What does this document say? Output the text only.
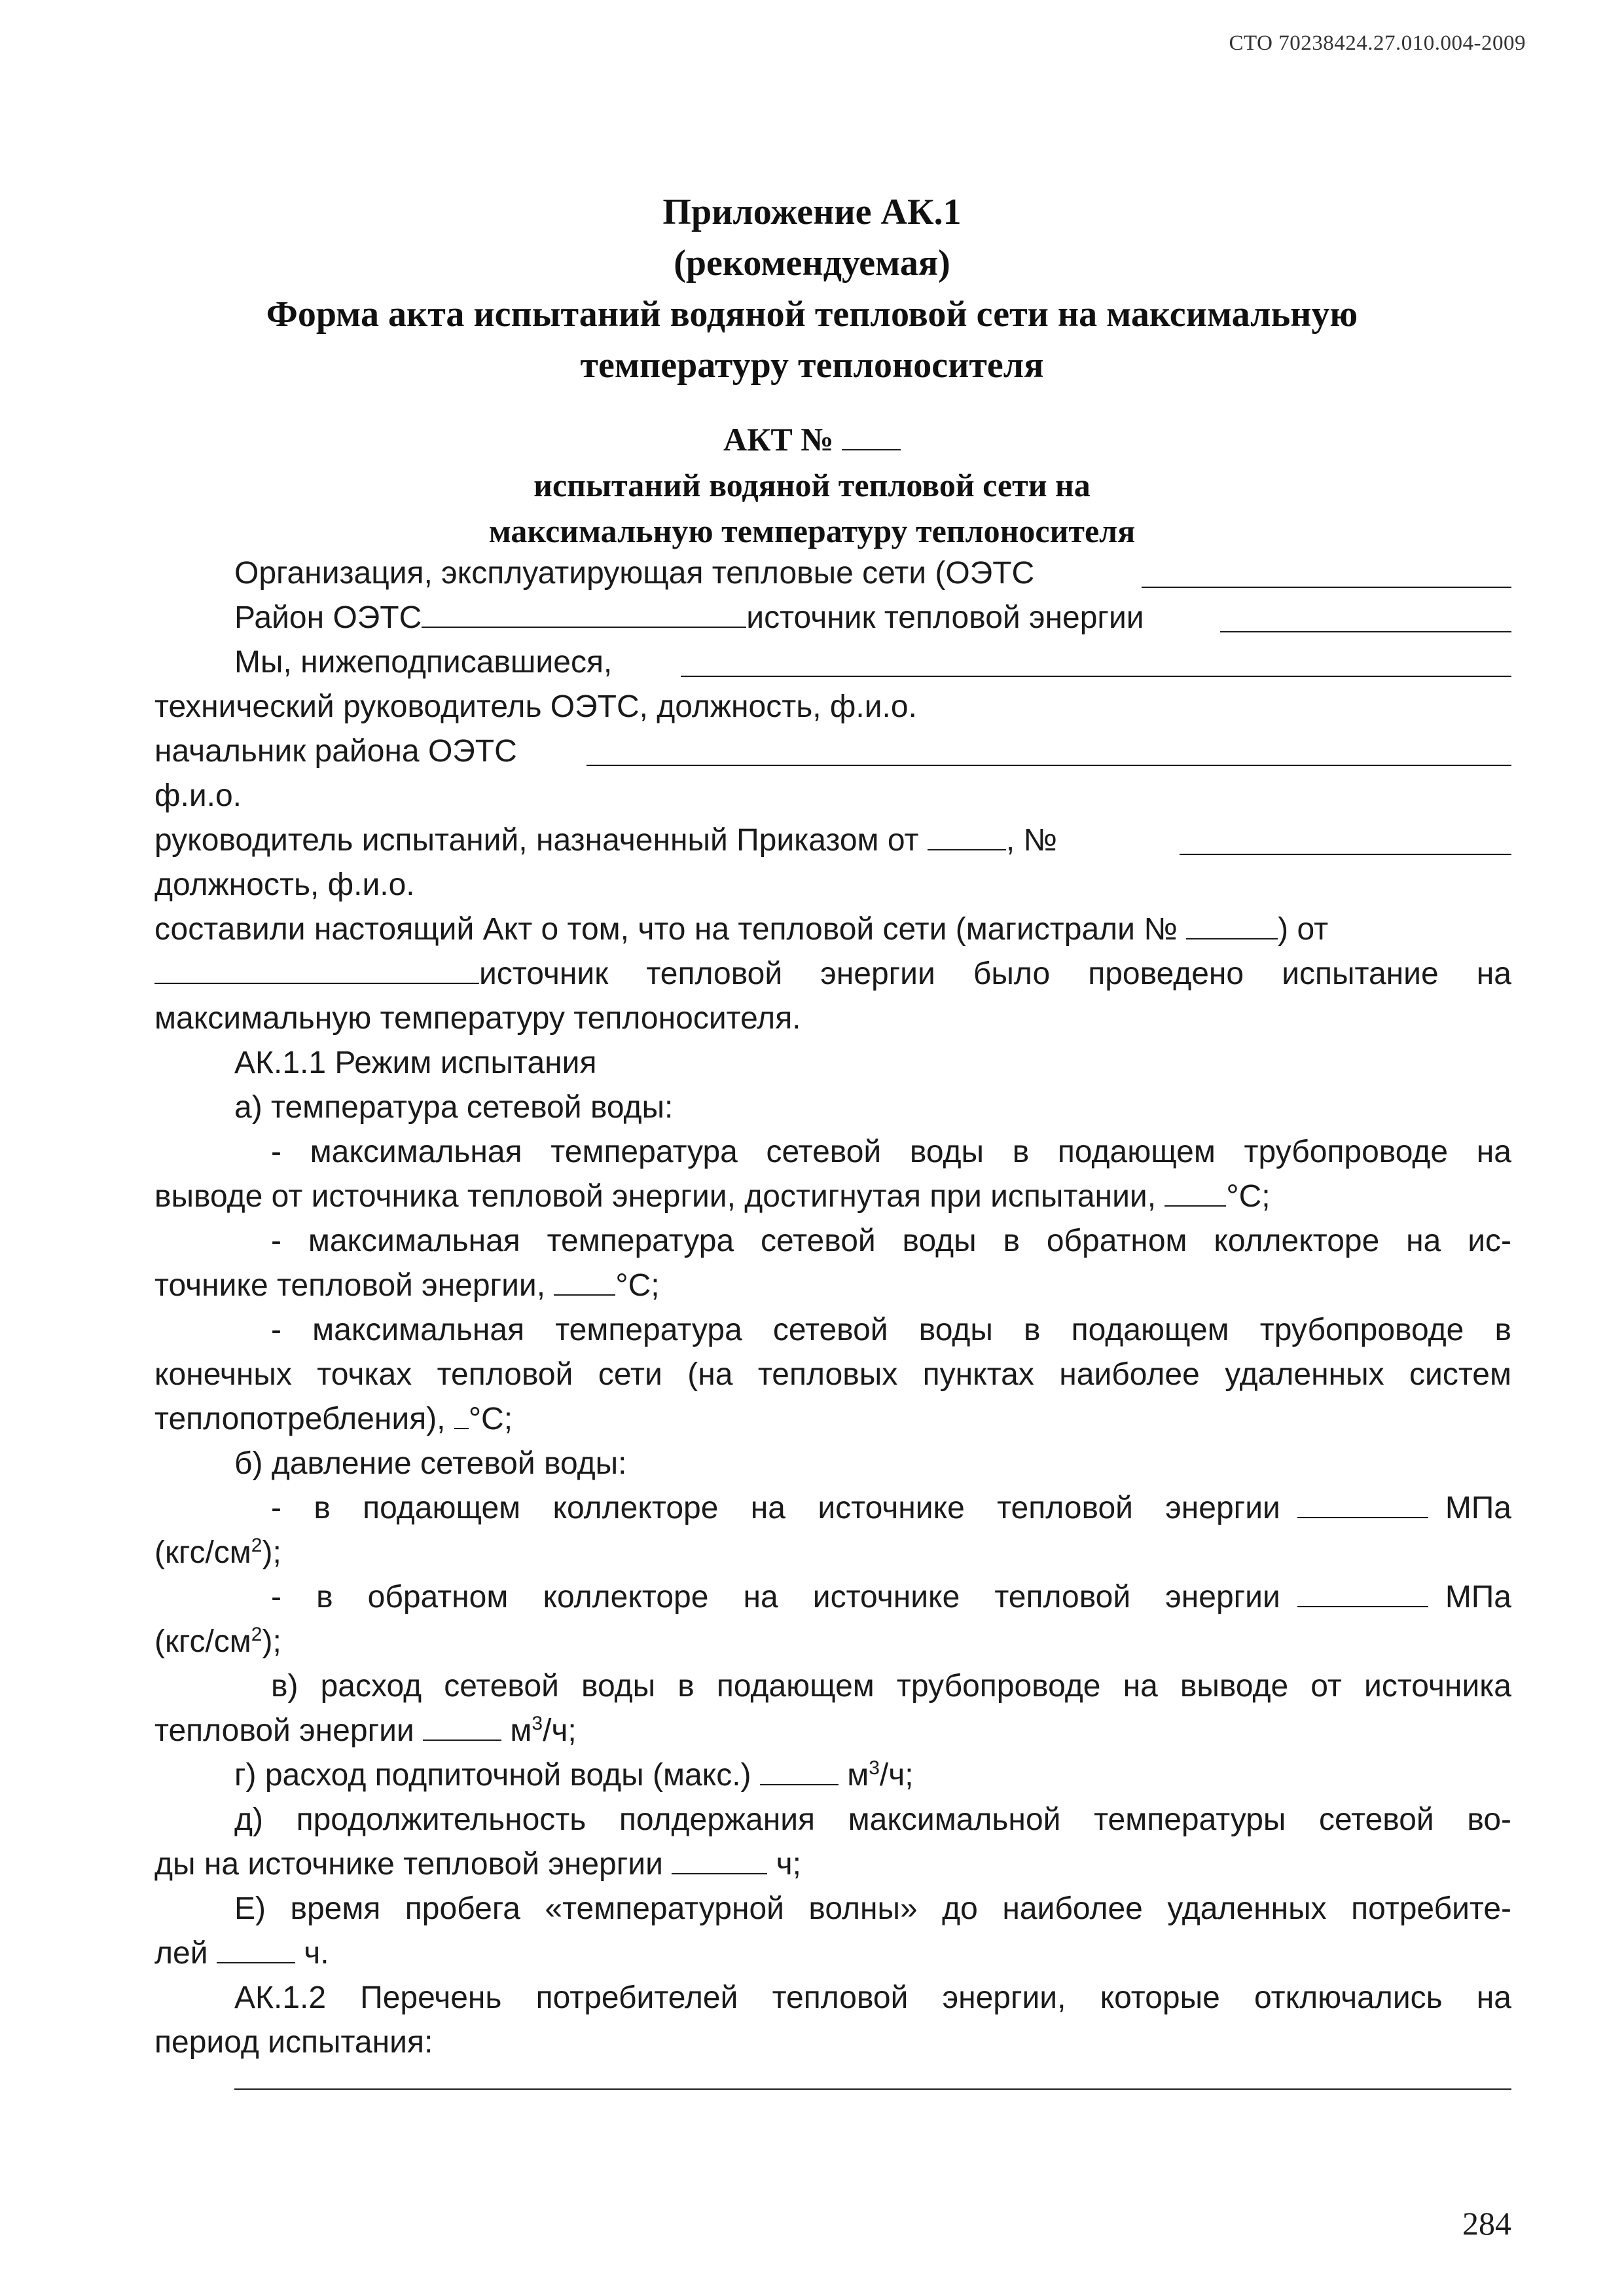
СТО 70238424.27.010.004-2009
Приложение АК.1
(рекомендуемая)
Форма акта испытаний водяной тепловой сети на максимальную
температуру теплоносителя
АКТ №
испытаний водяной тепловой сети на
максимальную температуру теплоносителя
Организация, эксплуатирующая тепловые сети (ОЭТС
Район ОЭТС	источник тепловой энергии
Мы, нижеподписавшиеся,
технический руководитель ОЭТС, должность, ф.и.о.
начальник района ОЭТС
ф.и.о.
руководитель испытаний, назначенный Приказом от	, №
должность, ф.и.о.
составили настоящий Акт о том, что на тепловой сети (магистрали №	) от
источник тепловой энергии было проведено испытание на
максимальную температуру теплоносителя.
АК.1.1 Режим испытания
а) температура сетевой воды:
- максимальная температура сетевой воды в подающем трубопроводе на
выводе от источника тепловой энергии, достигнутая при испытании, °С;
- максимальная температура сетевой воды в обратном коллекторе на ис-
точнике тепловой энергии, °С;
- максимальная температура сетевой воды в подающем трубопроводе в
конечных точках тепловой сети (на тепловых пунктах наиболее удаленных систем
теплопотребления), °С;
б) давление сетевой воды:
- в подающем коллекторе на источнике тепловой энергии	МПа
$(кгс/см^2)$;
- в обратном коллекторе на источнике тепловой энергии	МПа
$(кгс/см^2)$;
в) расход сетевой воды в подающем трубопроводе на выводе от источника
тепловой энергии	$м^3/ч$;
г) расход подпиточной воды (макс.)	$м^3/ч$;
д) продолжительность полдержания максимальной температуры сетевой во-
ды на источнике тепловой энергии	ч;
Е) время пробега «температурной волны» до наиболее удаленных потребите-
лей	ч.
АК.1.2 Перечень потребителей тепловой энергии, которые отключались на
период испытания:
284
